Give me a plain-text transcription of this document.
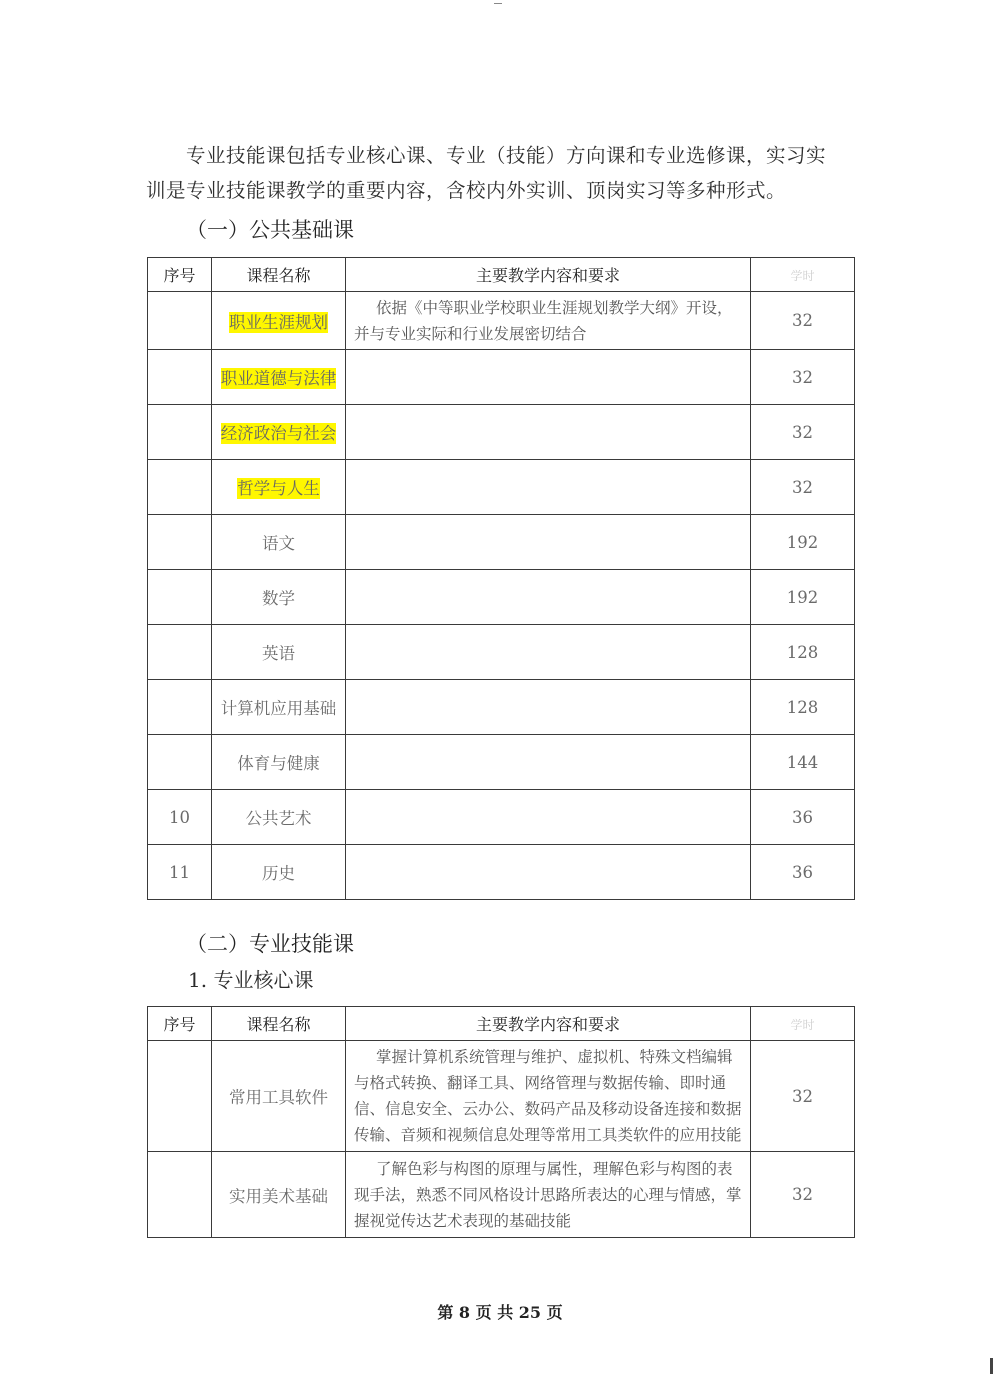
专业技能课包括专业核心课、专业（技能）方向课和专业选修课，实习实
训是专业技能课教学的重要内容，含校内外实训、顶岗实习等多种形式。
（一）公共基础课
序号	课程名称	主要教学内容和要求	学时
	职业生涯规划	依据《中等职业学校职业生涯规划教学大纲》开设，并与专业实际和行业发展密切结合	32
	职业道德与法律		32
	经济政治与社会		32
	哲学与人生		32
	语文		192
	数学		192
	英语		128
	计算机应用基础		128
	体育与健康		144
10	公共艺术		36
11	历史		36
（二）专业技能课
1. 专业核心课
序号	课程名称	主要教学内容和要求	学时
	常用工具软件	掌握计算机系统管理与维护、虚拟机、特殊文档编辑与格式转换、翻译工具、网络管理与数据传输、即时通信、信息安全、云办公、数码产品及移动设备连接和数据传输、音频和视频信息处理等常用工具类软件的应用技能	32
	实用美术基础	了解色彩与构图的原理与属性，理解色彩与构图的表现手法，熟悉不同风格设计思路所表达的心理与情感，掌握视觉传达艺术表现的基础技能	32
第 8 页 共 25 页
